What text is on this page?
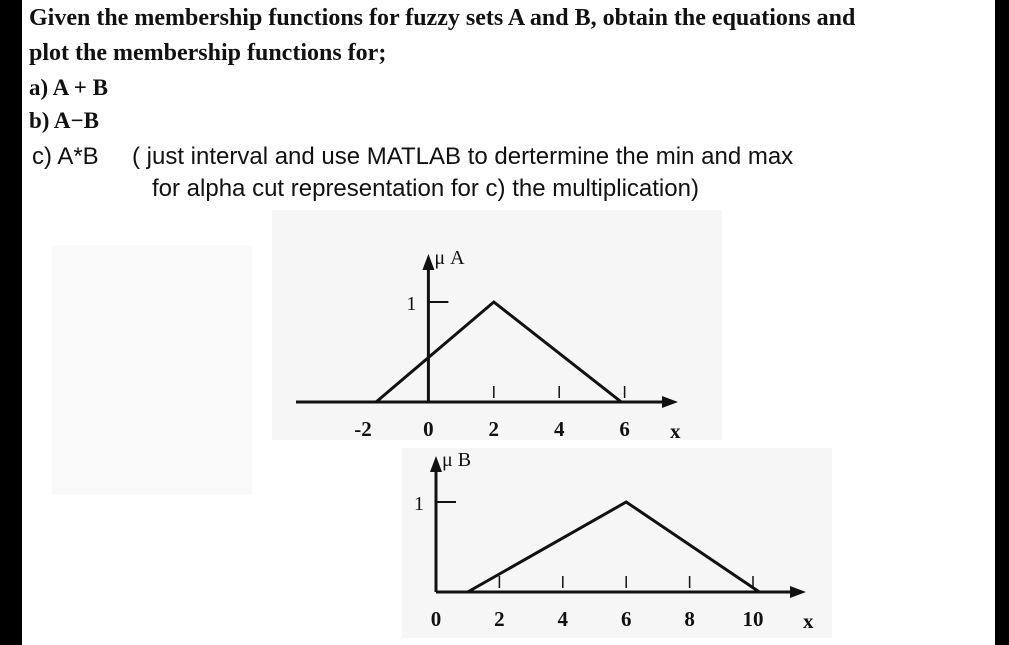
Given the membership functions for fuzzy sets A and B, obtain the equations and
plot the membership functions for;
a) A + B
b) A−B
c) A*B ( just interval and use MATLAB to dertermine the min and max
for alpha cut representation for c) the multiplication)
1
μ A
-2 0	2	4	6 x
1
μ B
0	2	4	6	8 10 x
